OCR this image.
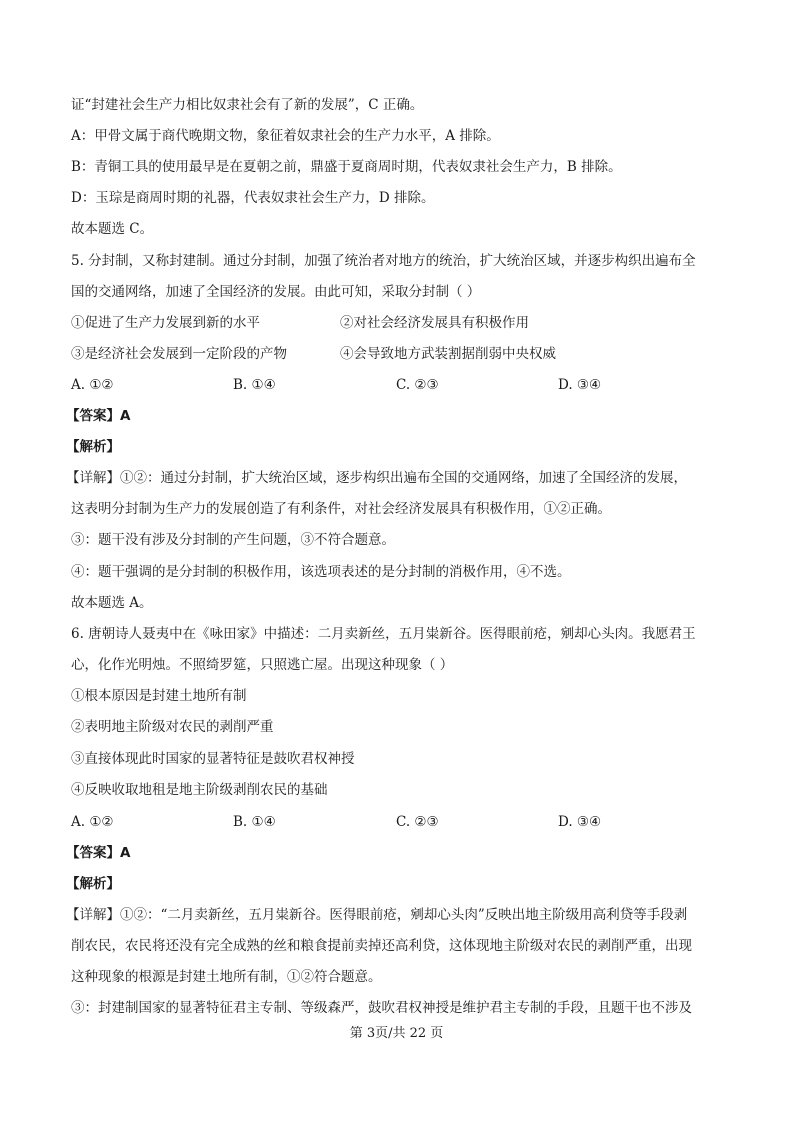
证“封建社会生产力相比奴隶社会有了新的发展”，C 正确。
A：甲骨文属于商代晚期文物，象征着奴隶社会的生产力水平，A 排除。
B：青铜工具的使用最早是在夏朝之前，鼎盛于夏商周时期，代表奴隶社会生产力，B 排除。
D：玉琮是商周时期的礼器，代表奴隶社会生产力，D 排除。
故本题选 C。
5. 分封制，又称封建制。通过分封制，加强了统治者对地方的统治，扩大统治区域，并逐步构织出遍布全
国的交通网络，加速了全国经济的发展。由此可知，采取分封制（ ）
①促进了生产力发展到新的水平	②对社会经济发展具有积极作用
③是经济社会发展到一定阶段的产物	④会导致地方武装割据削弱中央权威
A. ①②	B. ①④	C. ②③	D. ③④
【答案】A
【解析】
【详解】①②：通过分封制，扩大统治区域，逐步构织出遍布全国的交通网络，加速了全国经济的发展，
这表明分封制为生产力的发展创造了有利条件，对社会经济发展具有积极作用，①②正确。
③：题干没有涉及分封制的产生问题，③不符合题意。
④：题干强调的是分封制的积极作用，该选项表述的是分封制的消极作用，④不选。
故本题选 A。
6. 唐朝诗人聂夷中在《咏田家》中描述：二月卖新丝，五月粜新谷。医得眼前疮，剜却心头肉。我愿君王
心，化作光明烛。不照绮罗筵，只照逃亡屋。出现这种现象（ ）
①根本原因是封建土地所有制
②表明地主阶级对农民的剥削严重
③直接体现此时国家的显著特征是鼓吹君权神授
④反映收取地租是地主阶级剥削农民的基础
A. ①②	B. ①④	C. ②③	D. ③④
【答案】A
【解析】
【详解】①②：“二月卖新丝，五月粜新谷。医得眼前疮，剜却心头肉”反映出地主阶级用高利贷等手段剥
削农民，农民将还没有完全成熟的丝和粮食提前卖掉还高利贷，这体现地主阶级对农民的剥削严重，出现
这种现象的根源是封建土地所有制，①②符合题意。
③：封建制国家的显著特征君主专制、等级森严，鼓吹君权神授是维护君主专制的手段，且题干也不涉及
第 3页/共 22 页
